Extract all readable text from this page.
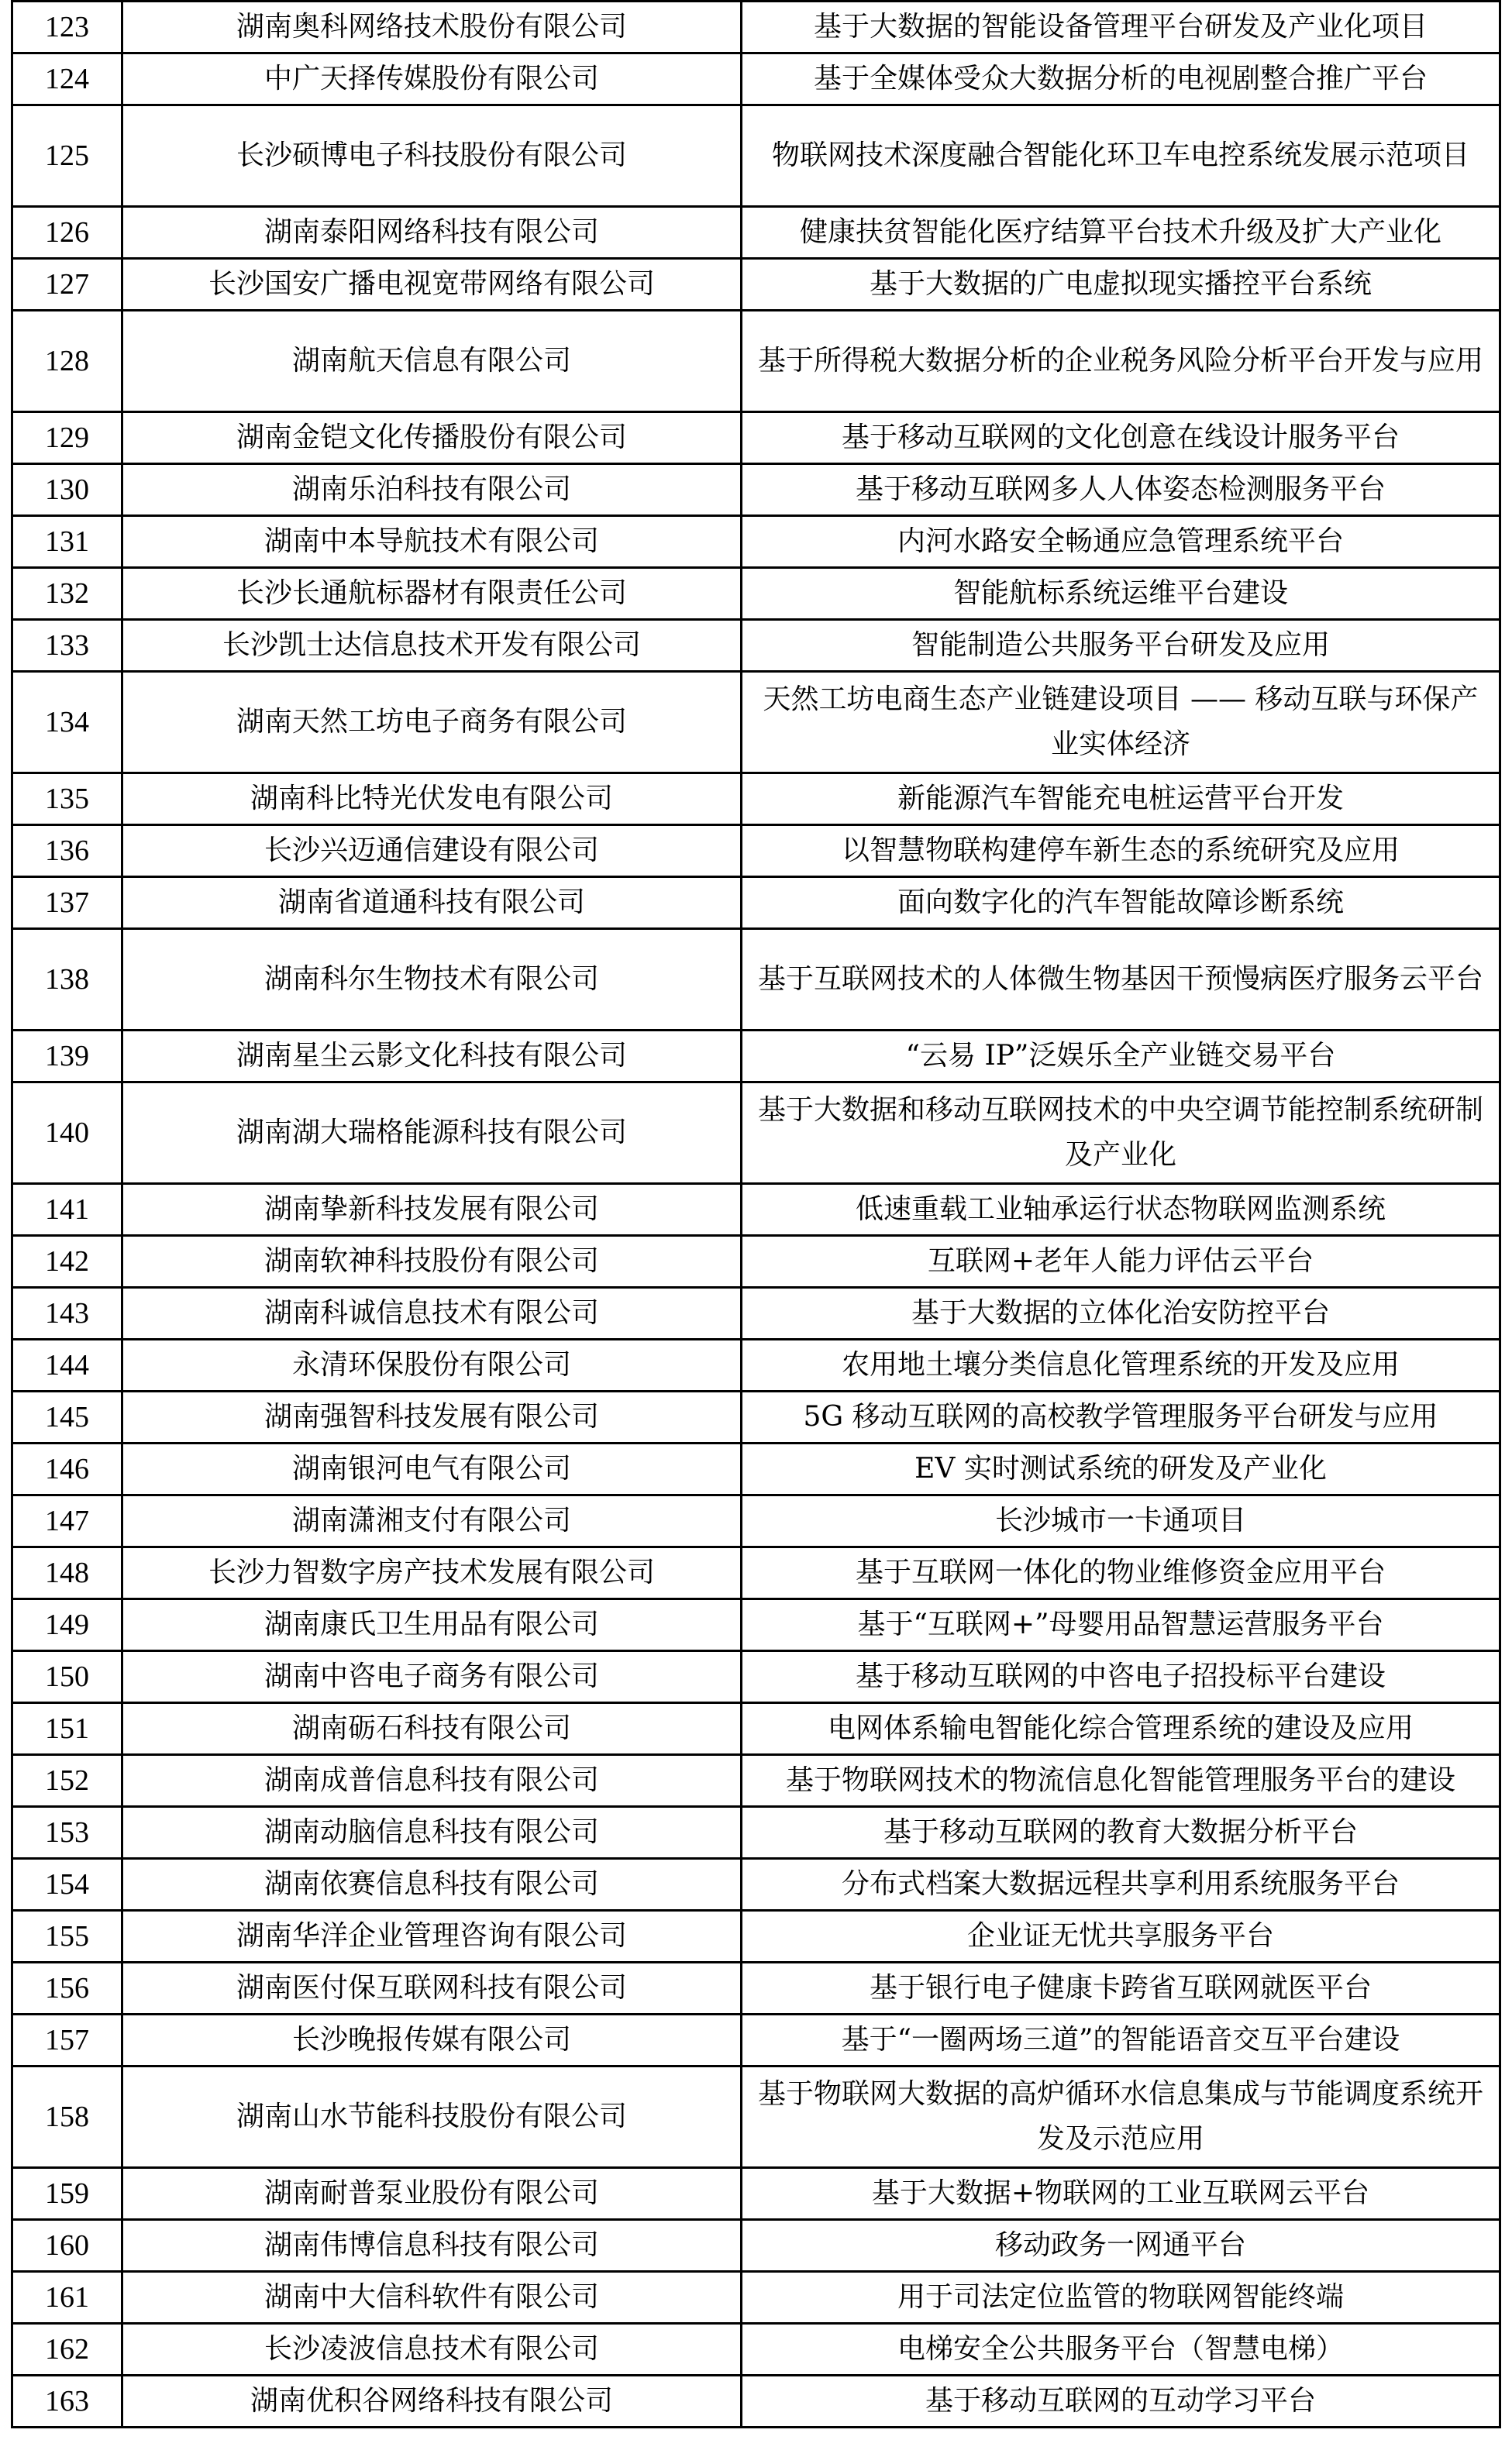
123	湖南奥科网络技术股份有限公司	基于大数据的智能设备管理平台研发及产业化项目
124	中广天择传媒股份有限公司	基于全媒体受众大数据分析的电视剧整合推广平台
125	长沙硕博电子科技股份有限公司	物联网技术深度融合智能化环卫车电控系统发展示范项目
126	湖南泰阳网络科技有限公司	健康扶贫智能化医疗结算平台技术升级及扩大产业化
127	长沙国安广播电视宽带网络有限公司	基于大数据的广电虚拟现实播控平台系统
128	湖南航天信息有限公司	基于所得税大数据分析的企业税务风险分析平台开发与应用
129	湖南金铠文化传播股份有限公司	基于移动互联网的文化创意在线设计服务平台
130	湖南乐泊科技有限公司	基于移动互联网多人人体姿态检测服务平台
131	湖南中本导航技术有限公司	内河水路安全畅通应急管理系统平台
132	长沙长通航标器材有限责任公司	智能航标系统运维平台建设
133	长沙凯士达信息技术开发有限公司	智能制造公共服务平台研发及应用
134	湖南天然工坊电子商务有限公司	天然工坊电商生态产业链建设项目 —— 移动互联与环保产业实体经济
135	湖南科比特光伏发电有限公司	新能源汽车智能充电桩运营平台开发
136	长沙兴迈通信建设有限公司	以智慧物联构建停车新生态的系统研究及应用
137	湖南省道通科技有限公司	面向数字化的汽车智能故障诊断系统
138	湖南科尔生物技术有限公司	基于互联网技术的人体微生物基因干预慢病医疗服务云平台
139	湖南星尘云影文化科技有限公司	“云易 IP”泛娱乐全产业链交易平台
140	湖南湖大瑞格能源科技有限公司	基于大数据和移动互联网技术的中央空调节能控制系统研制及产业化
141	湖南挚新科技发展有限公司	低速重载工业轴承运行状态物联网监测系统
142	湖南软神科技股份有限公司	互联网+老年人能力评估云平台
143	湖南科诚信息技术有限公司	基于大数据的立体化治安防控平台
144	永清环保股份有限公司	农用地土壤分类信息化管理系统的开发及应用
145	湖南强智科技发展有限公司	5G 移动互联网的高校教学管理服务平台研发与应用
146	湖南银河电气有限公司	EV 实时测试系统的研发及产业化
147	湖南潇湘支付有限公司	长沙城市一卡通项目
148	长沙力智数字房产技术发展有限公司	基于互联网一体化的物业维修资金应用平台
149	湖南康氏卫生用品有限公司	基于“互联网+”母婴用品智慧运营服务平台
150	湖南中咨电子商务有限公司	基于移动互联网的中咨电子招投标平台建设
151	湖南砺石科技有限公司	电网体系输电智能化综合管理系统的建设及应用
152	湖南成普信息科技有限公司	基于物联网技术的物流信息化智能管理服务平台的建设
153	湖南动脑信息科技有限公司	基于移动互联网的教育大数据分析平台
154	湖南依赛信息科技有限公司	分布式档案大数据远程共享利用系统服务平台
155	湖南华洋企业管理咨询有限公司	企业证无忧共享服务平台
156	湖南医付保互联网科技有限公司	基于银行电子健康卡跨省互联网就医平台
157	长沙晚报传媒有限公司	基于“一圈两场三道”的智能语音交互平台建设
158	湖南山水节能科技股份有限公司	基于物联网大数据的高炉循环水信息集成与节能调度系统开发及示范应用
159	湖南耐普泵业股份有限公司	基于大数据+物联网的工业互联网云平台
160	湖南伟博信息科技有限公司	移动政务一网通平台
161	湖南中大信科软件有限公司	用于司法定位监管的物联网智能终端
162	长沙凌波信息技术有限公司	电梯安全公共服务平台（智慧电梯）
163	湖南优积谷网络科技有限公司	基于移动互联网的互动学习平台
